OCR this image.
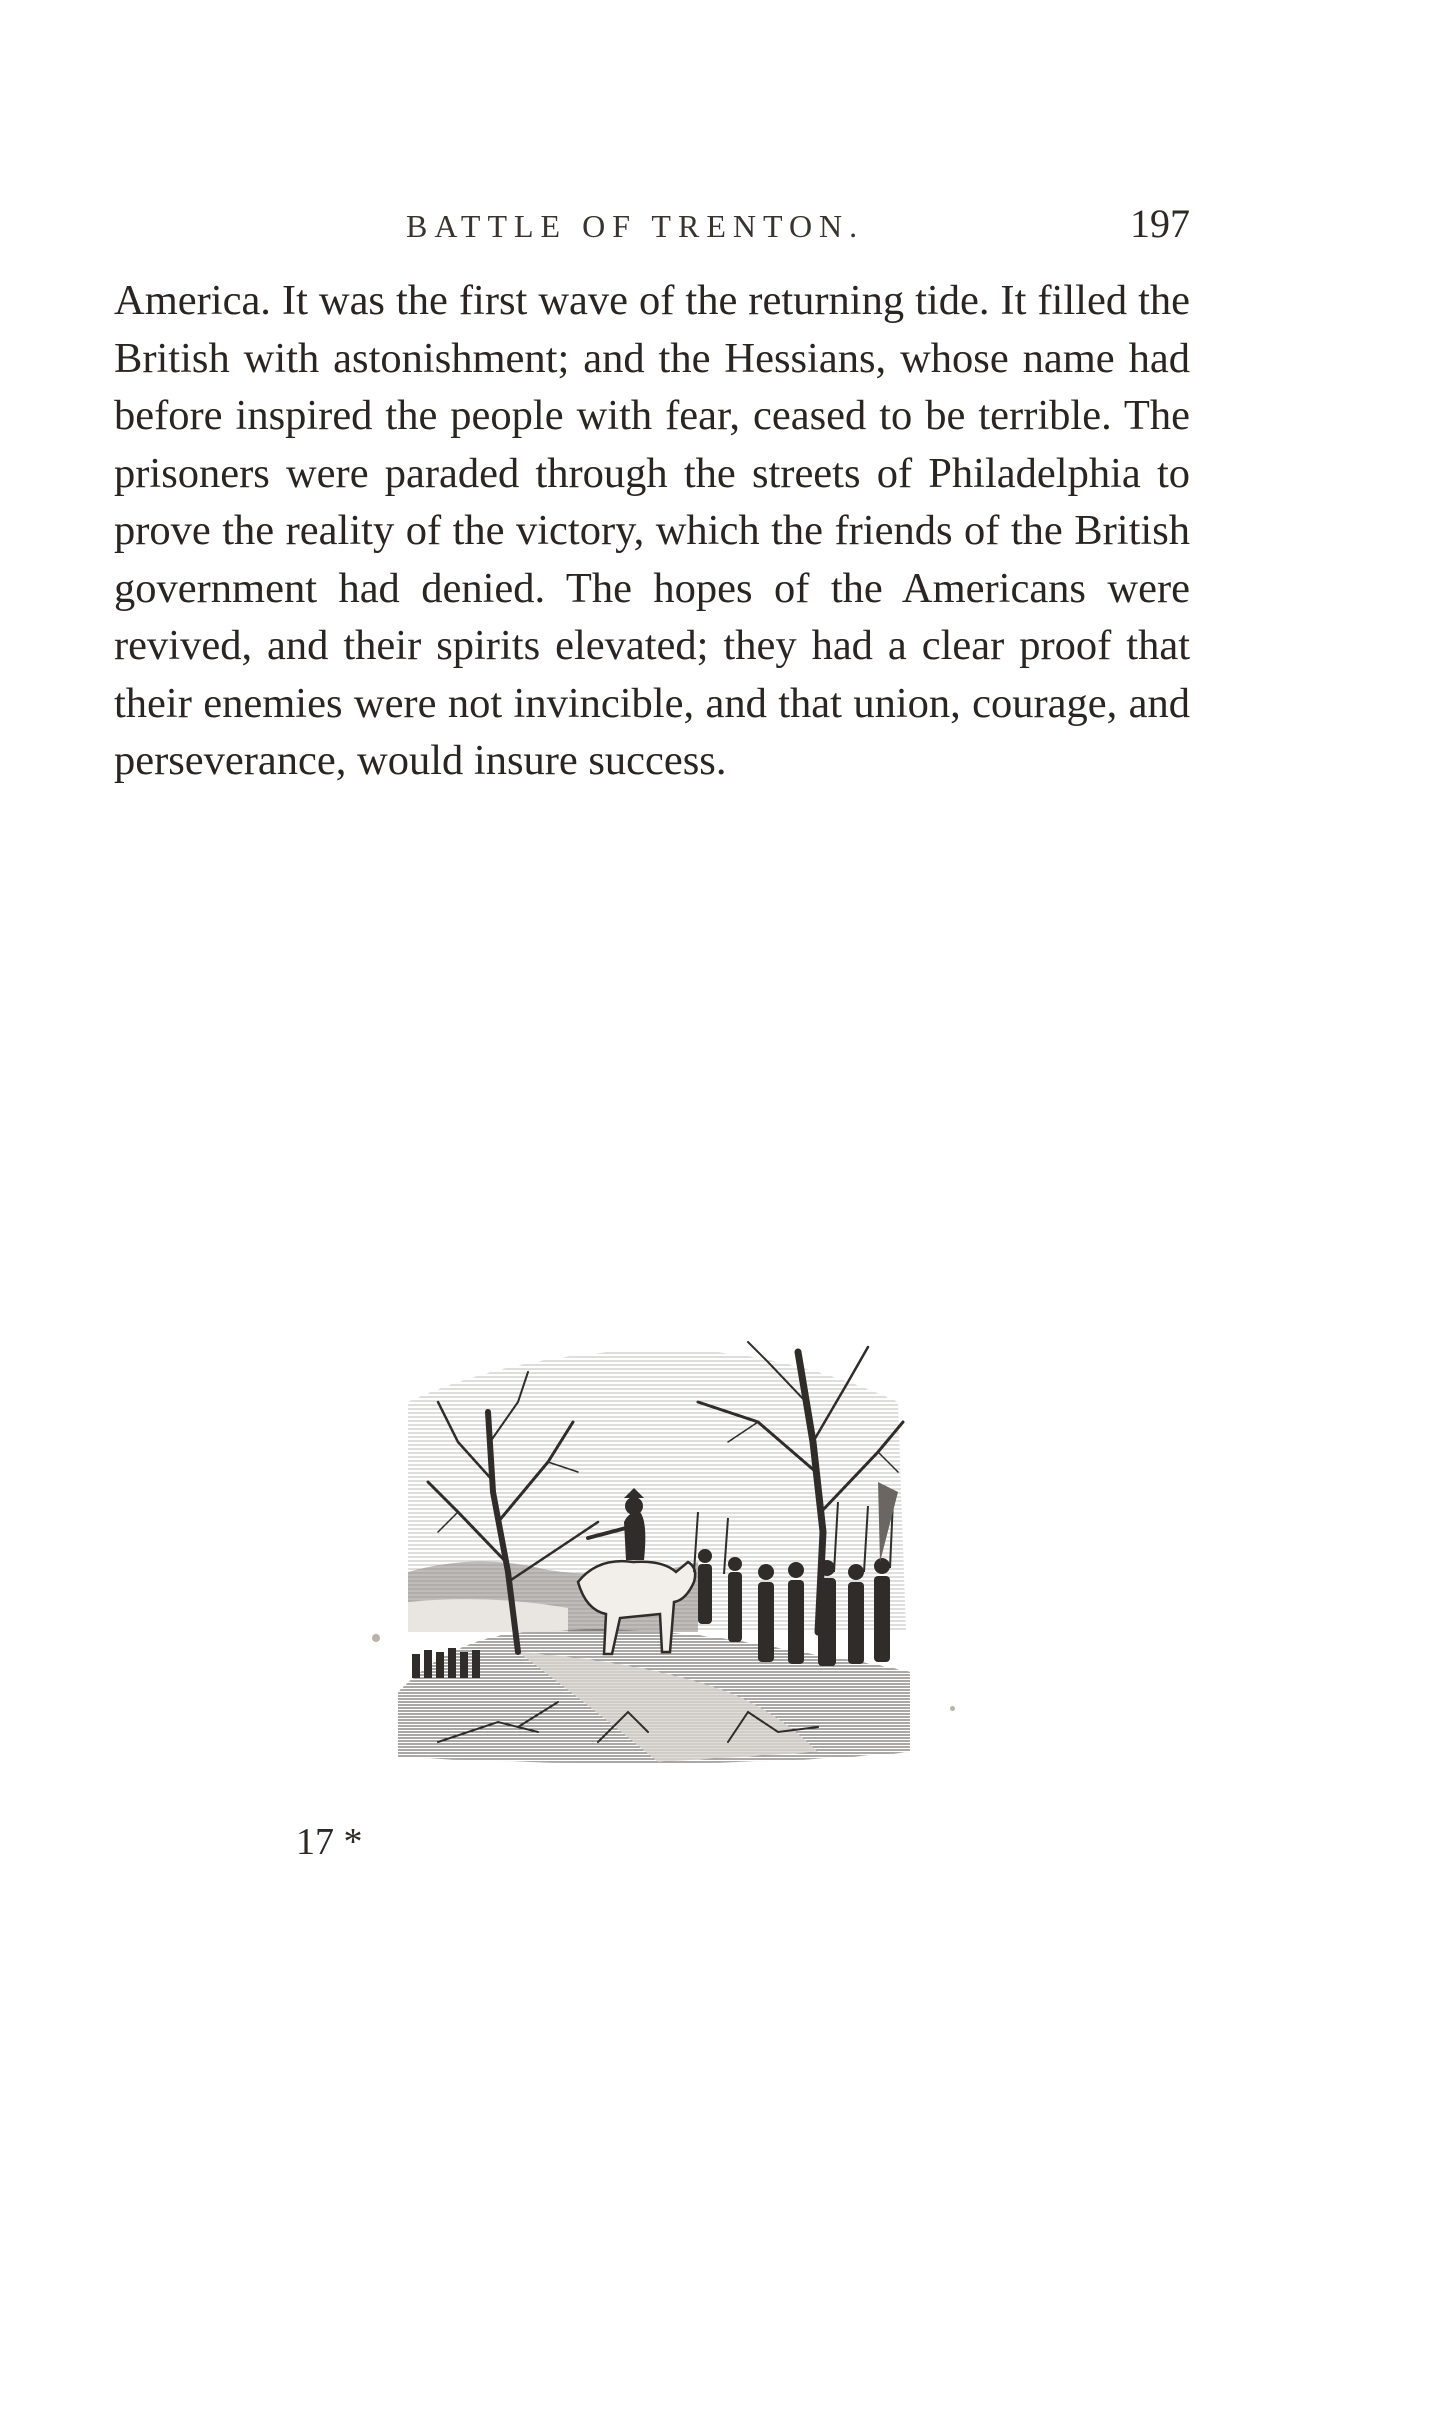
BATTLE OF TRENTON.	197

America. It was the first wave of the returning tide. It filled the British with astonishment; and the Hessians, whose name had before inspired the people with fear, ceased to be terrible. The prisoners were paraded through the streets of Philadelphia to prove the reality of the victory, which the friends of the British government had denied. The hopes of the Americans were revived, and their spirits elevated; they had a clear proof that their enemies were not invincible, and that union, courage, and perseverance, would insure success.

17 *
